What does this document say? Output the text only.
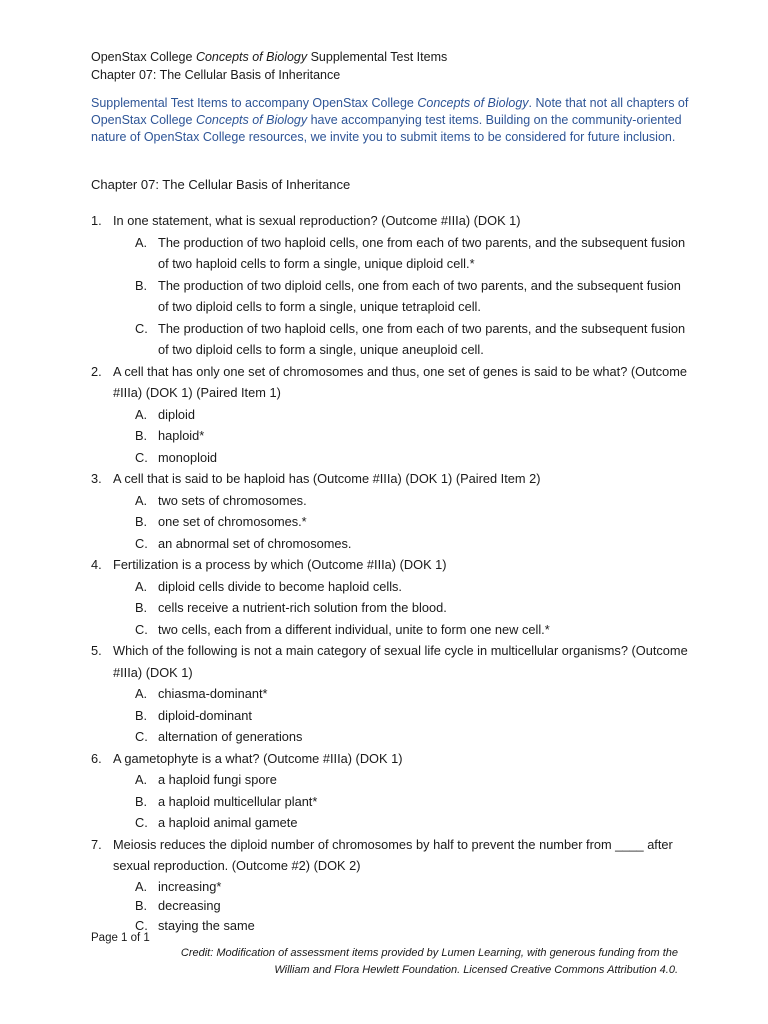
OpenStax College Concepts of Biology Supplemental Test Items
Chapter 07: The Cellular Basis of Inheritance
Supplemental Test Items to accompany OpenStax College Concepts of Biology. Note that not all chapters of OpenStax College Concepts of Biology have accompanying test items. Building on the community-oriented nature of OpenStax College resources, we invite you to submit items to be considered for future inclusion.
Chapter 07: The Cellular Basis of Inheritance
1. In one statement, what is sexual reproduction? (Outcome #IIIa) (DOK 1)
A. The production of two haploid cells, one from each of two parents, and the subsequent fusion of two haploid cells to form a single, unique diploid cell.*
B. The production of two diploid cells, one from each of two parents, and the subsequent fusion of two diploid cells to form a single, unique tetraploid cell.
C. The production of two haploid cells, one from each of two parents, and the subsequent fusion of two diploid cells to form a single, unique aneuploid cell.
2. A cell that has only one set of chromosomes and thus, one set of genes is said to be what? (Outcome #IIIa) (DOK 1) (Paired Item 1)
A. diploid
B. haploid*
C. monoploid
3. A cell that is said to be haploid has (Outcome #IIIa) (DOK 1) (Paired Item 2)
A. two sets of chromosomes.
B. one set of chromosomes.*
C. an abnormal set of chromosomes.
4. Fertilization is a process by which (Outcome #IIIa) (DOK 1)
A. diploid cells divide to become haploid cells.
B. cells receive a nutrient-rich solution from the blood.
C. two cells, each from a different individual, unite to form one new cell.*
5. Which of the following is not a main category of sexual life cycle in multicellular organisms? (Outcome #IIIa) (DOK 1)
A. chiasma-dominant*
B. diploid-dominant
C. alternation of generations
6. A gametophyte is a what? (Outcome #IIIa) (DOK 1)
A. a haploid fungi spore
B. a haploid multicellular plant*
C. a haploid animal gamete
7. Meiosis reduces the diploid number of chromosomes by half to prevent the number from ____ after sexual reproduction. (Outcome #2) (DOK 2)
A. increasing*
B. decreasing
C. staying the same
Page 1 of 1
Credit: Modification of assessment items provided by Lumen Learning, with generous funding from the William and Flora Hewlett Foundation. Licensed Creative Commons Attribution 4.0.
